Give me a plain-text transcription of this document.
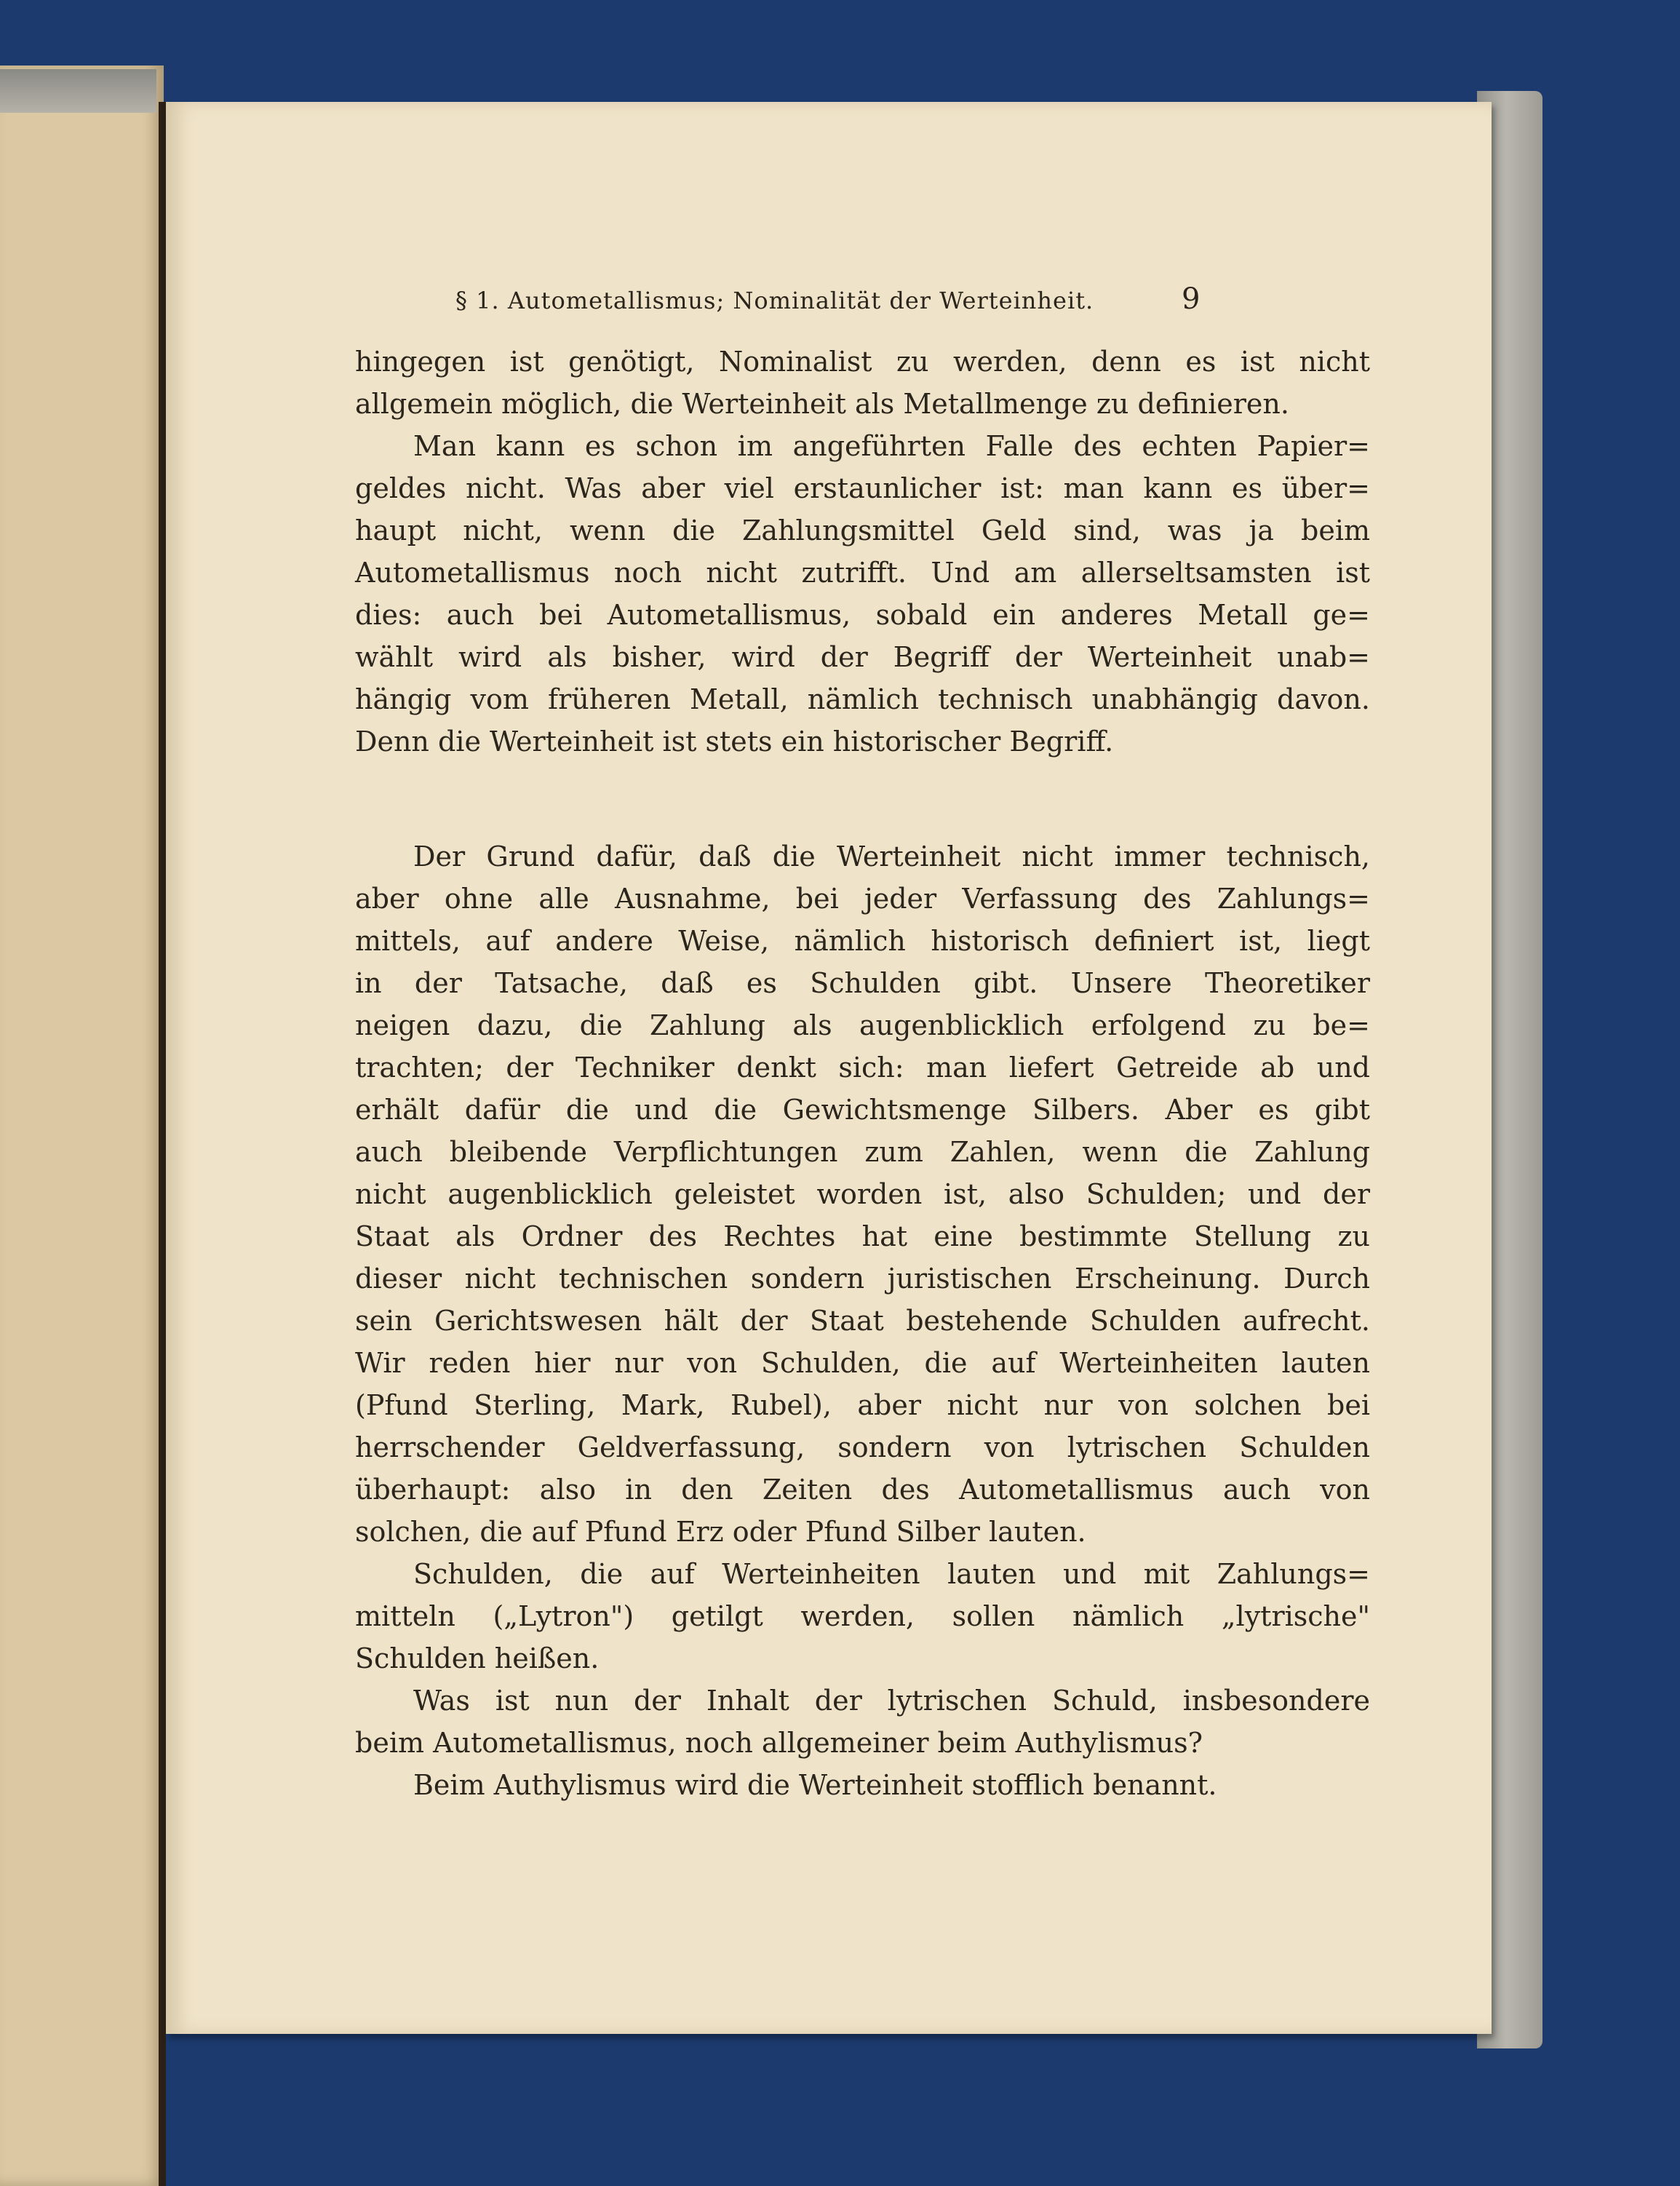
§ 1. Autometallismus; Nominalität der Werteinheit.	9
hingegen ist genötigt, Nominalist zu werden, denn es ist nicht
allgemein möglich, die Werteinheit als Metallmenge zu definieren.
Man kann es schon im angeführten Falle des echten Papier=
geldes nicht. Was aber viel erstaunlicher ist: man kann es über=
haupt nicht, wenn die Zahlungsmittel Geld sind, was ja beim
Autometallismus noch nicht zutrifft. Und am allerseltsamsten ist
dies: auch bei Autometallismus, sobald ein anderes Metall ge=
wählt wird als bisher, wird der Begriff der Werteinheit unab=
hängig vom früheren Metall, nämlich technisch unabhängig davon.
Denn die Werteinheit ist stets ein historischer Begriff.
Der Grund dafür, daß die Werteinheit nicht immer technisch,
aber ohne alle Ausnahme, bei jeder Verfassung des Zahlungs=
mittels, auf andere Weise, nämlich historisch definiert ist, liegt
in der Tatsache, daß es Schulden gibt. Unsere Theoretiker
neigen dazu, die Zahlung als augenblicklich erfolgend zu be=
trachten; der Techniker denkt sich: man liefert Getreide ab und
erhält dafür die und die Gewichtsmenge Silbers. Aber es gibt
auch bleibende Verpflichtungen zum Zahlen, wenn die Zahlung
nicht augenblicklich geleistet worden ist, also Schulden; und der
Staat als Ordner des Rechtes hat eine bestimmte Stellung zu
dieser nicht technischen sondern juristischen Erscheinung. Durch
sein Gerichtswesen hält der Staat bestehende Schulden aufrecht.
Wir reden hier nur von Schulden, die auf Werteinheiten lauten
(Pfund Sterling, Mark, Rubel), aber nicht nur von solchen bei
herrschender Geldverfassung, sondern von lytrischen Schulden
überhaupt: also in den Zeiten des Autometallismus auch von
solchen, die auf Pfund Erz oder Pfund Silber lauten.
Schulden, die auf Werteinheiten lauten und mit Zahlungs=
mitteln („Lytron") getilgt werden, sollen nämlich „lytrische"
Schulden heißen.
Was ist nun der Inhalt der lytrischen Schuld, insbesondere
beim Autometallismus, noch allgemeiner beim Authylismus?
Beim Authylismus wird die Werteinheit stofflich benannt.
